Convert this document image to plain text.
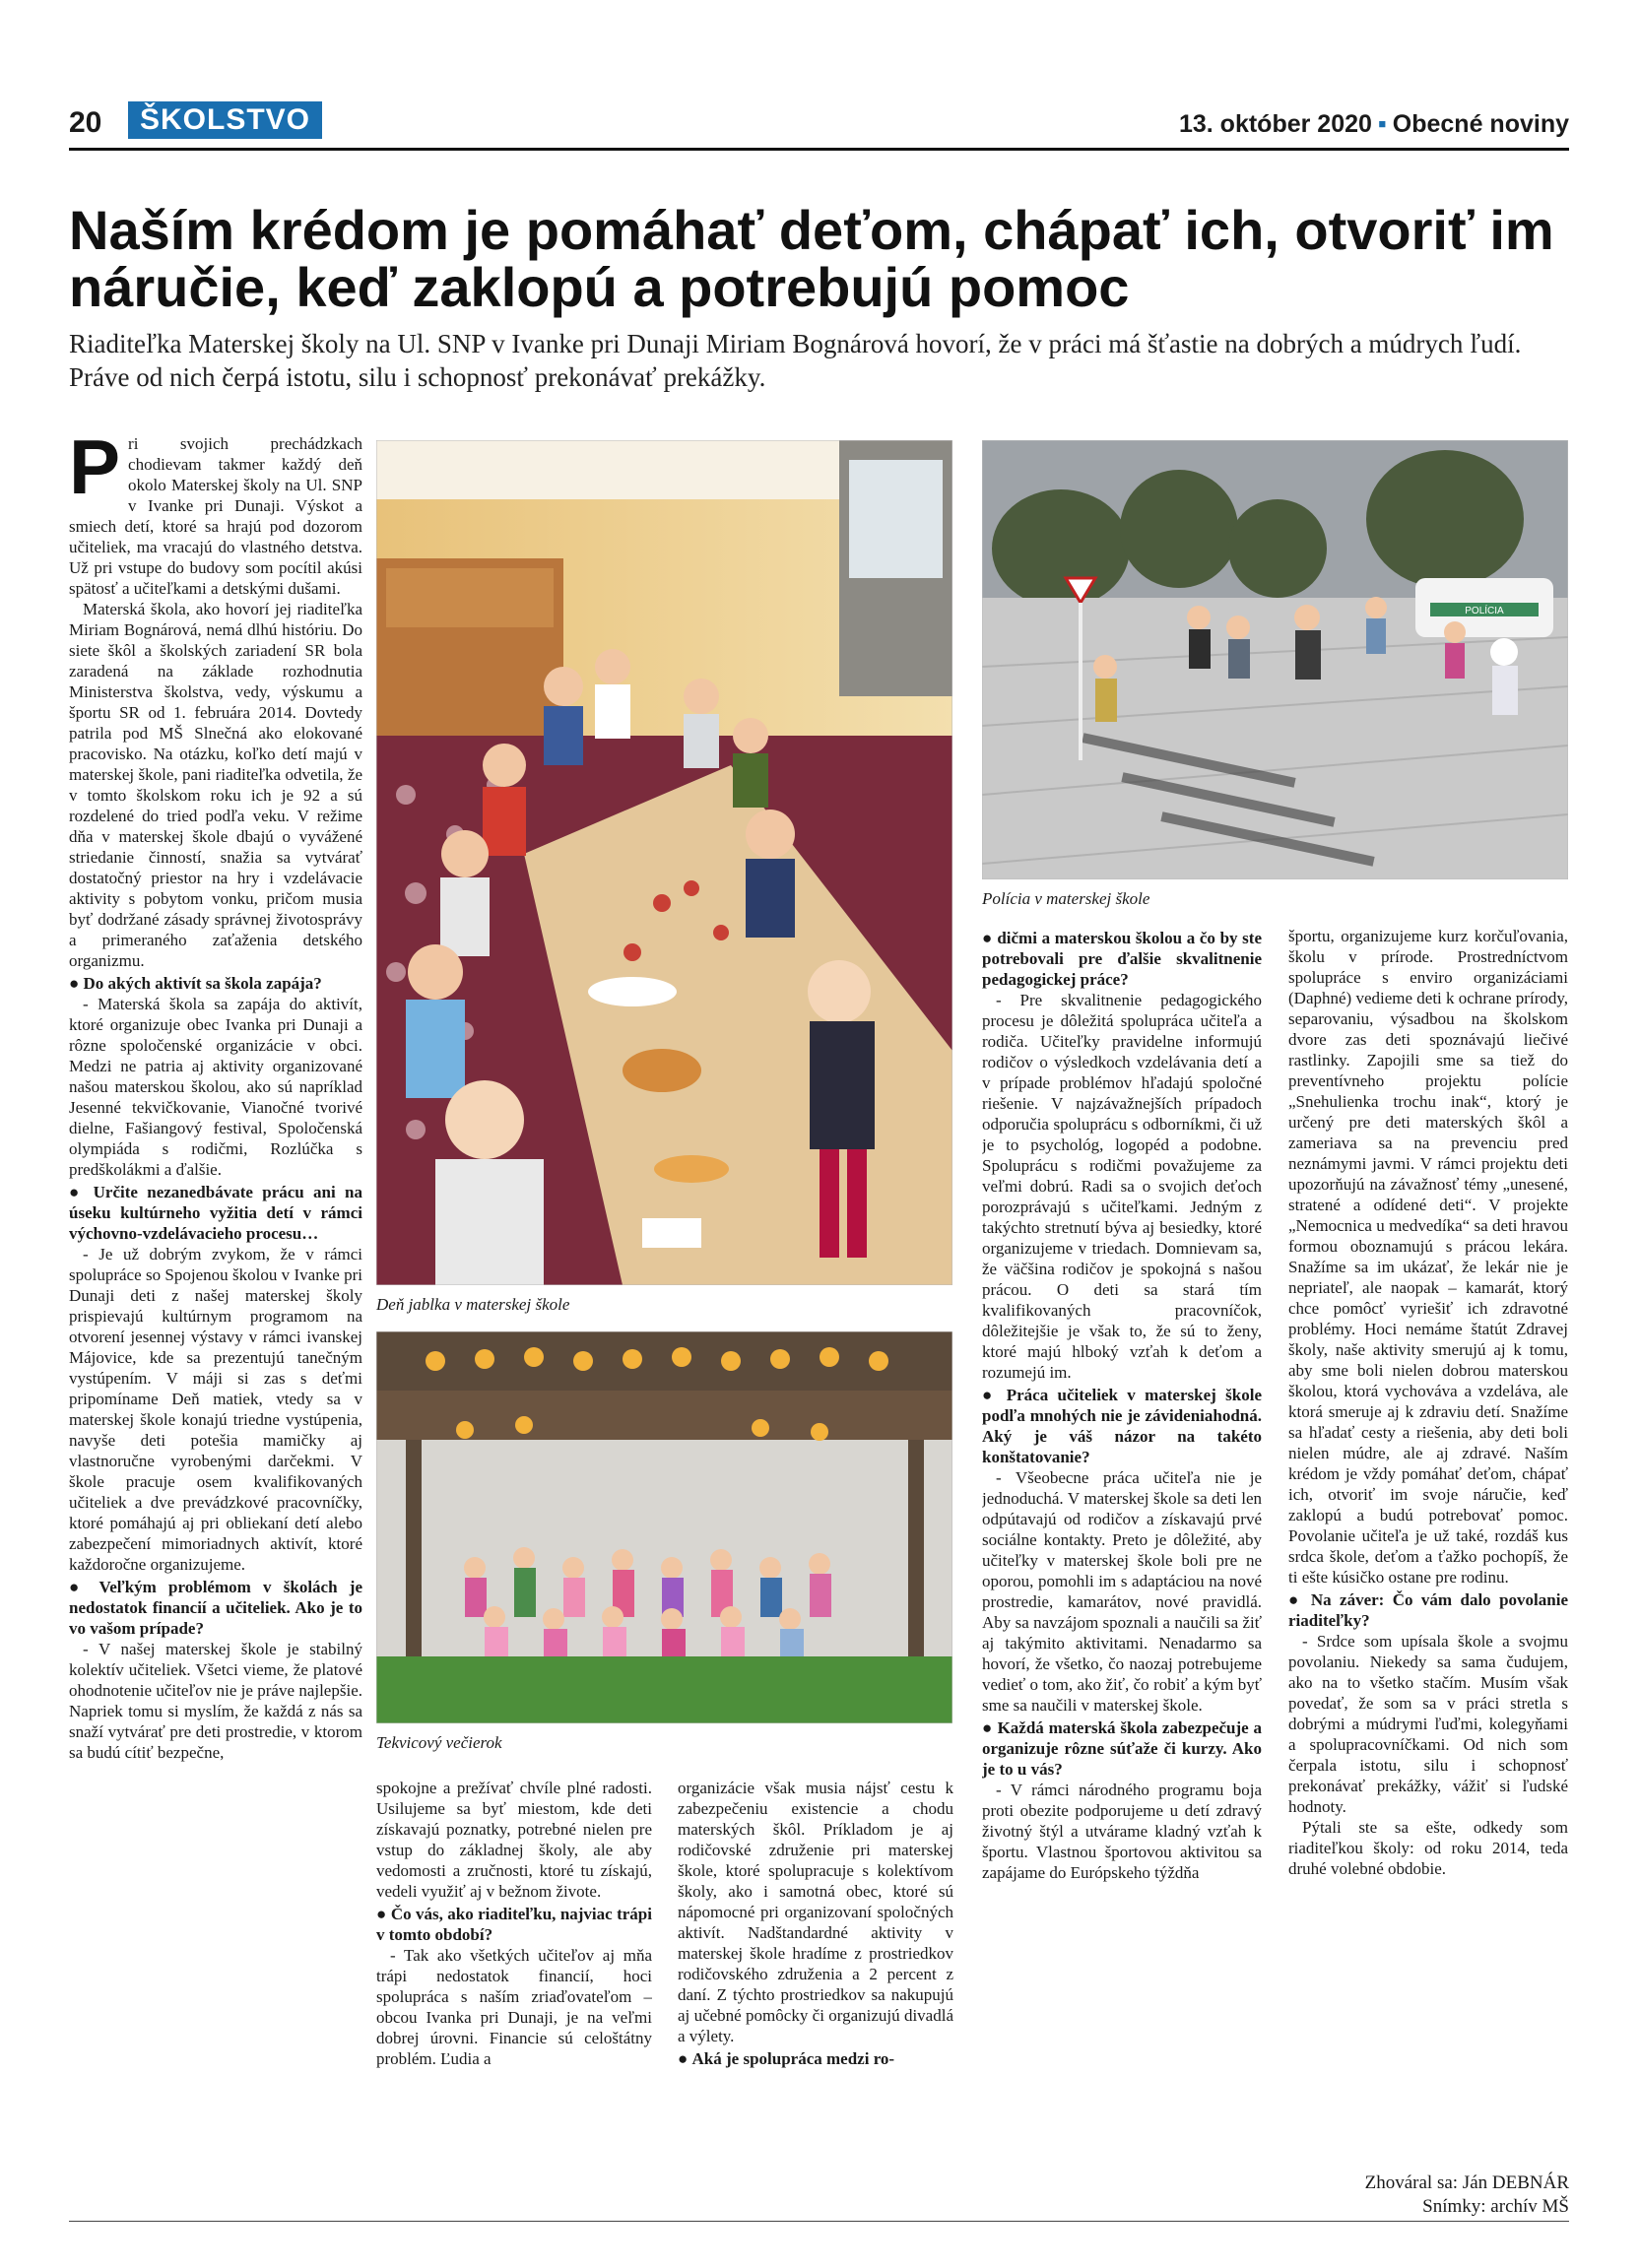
20	ŠKOLSTVO	13. október 2020 ▪ Obecné noviny
Naším krédom je pomáhať deťom, chápať ich, otvoriť im náručie, keď zaklopú a potrebujú pomoc
Riaditeľka Materskej školy na Ul. SNP v Ivanke pri Dunaji Miriam Bognárová hovorí, že v práci má šťastie na dobrých a múdrych ľudí. Práve od nich čerpá istotu, silu i schopnosť prekonávať prekážky.

Pri svojich prechádzkach chodievam takmer každý deň okolo Materskej školy na Ul. SNP v Ivanke pri Dunaji. Výskot a smiech detí, ktoré sa hrajú pod dozorom učiteliek, ma vracajú do vlastného detstva. Už pri vstupe do budovy som pocítil akúsi spätosť a učiteľkami a detskými dušami.

Materská škola, ako hovorí jej riaditeľka Miriam Bognárová, nemá dlhú históriu. Do siete škôl a školských zariadení SR bola zaradená na základe rozhodnutia Ministerstva školstva, vedy, výskumu a športu SR od 1. februára 2014. Dovtedy patrila pod MŠ Slnečná ako elokované pracovisko. Na otázku, koľko detí majú v materskej škole, pani riaditeľka odvetila, že v tomto školskom roku ich je 92 a sú rozdelené do tried podľa veku. V režime dňa v materskej škole dbajú o vyvážené striedanie činností, snažia sa vytvárať dostatočný priestor na hry i vzdelávacie aktivity s pobytom vonku, pričom musia byť dodržané zásady správnej životosprávy a primeraného zaťaženia detského organizmu.

● Do akých aktivít sa škola zapája?

- Materská škola sa zapája do aktivít, ktoré organizuje obec Ivanka pri Dunaji a rôzne spoločenské organizácie v obci. Medzi ne patria aj aktivity organizované našou materskou školou, ako sú napríklad Jesenné tekvičkovanie, Vianočné tvorivé dielne, Fašiangový festival, Spoločenská olympiáda s rodičmi, Rozlúčka s predškolákmi a ďalšie.

● Určite nezanedbávate prácu ani na úseku kultúrneho vyžitia detí v rámci výchovno-vzdelávacieho procesu…

- Je už dobrým zvykom, že v rámci spolupráce so Spojenou školou v Ivanke pri Dunaji deti z našej materskej školy prispievajú kultúrnym programom na otvorení jesennej výstavy v rámci ivanskej Májovice, kde sa prezentujú tanečným vystúpením. V máji si zas s deťmi pripomíname Deň matiek, vtedy sa v materskej škole konajú triedne vystúpenia, navyše deti potešia mamičky aj vlastnoručne vyrobenými darčekmi. V škole pracuje osem kvalifikovaných učiteliek a dve prevádzkové pracovníčky, ktoré pomáhajú aj pri obliekaní detí alebo zabezpečení mimoriadnych aktivít, ktoré každoročne organizujeme.

● Veľkým problémom v školách je nedostatok financií a učiteliek. Ako je to vo vašom prípade?

- V našej materskej škole je stabilný kolektív učiteliek. Všetci vieme, že platové ohodnotenie učiteľov nie je práve najlepšie. Napriek tomu si myslím, že každá z nás sa snaží vytvárať pre deti prostredie, v ktorom sa budú cítiť bezpečne,

Deň jablka v materskej škole
POLÍCIA
Polícia v materskej škole
Tekvicový večierok

spokojne a prežívať chvíle plné radosti. Usilujeme sa byť miestom, kde deti získavajú poznatky, potrebné nielen pre vstup do základnej školy, ale aby vedomosti a zručnosti, ktoré tu získajú, vedeli využiť aj v bežnom živote.

● Čo vás, ako riaditeľku, najviac trápi v tomto období?

- Tak ako všetkých učiteľov aj mňa trápi nedostatok financií, hoci spolupráca s naším zriaďovateľom – obcou Ivanka pri Dunaji, je na veľmi dobrej úrovni. Financie sú celoštátny problém. Ľudia a

organizácie však musia nájsť cestu k zabezpečeniu existencie a chodu materských škôl. Príkladom je aj rodičovské združenie pri materskej škole, ktoré spolupracuje s kolektívom školy, ako i samotná obec, ktoré sú nápomocné pri organizovaní spoločných aktivít. Nadštandardné aktivity v materskej škole hradíme z prostriedkov rodičovského združenia a 2 percent z daní. Z týchto prostriedkov sa nakupujú aj učebné pomôcky či organizujú divadlá a výlety.

● Aká je spolupráca medzi ro-

● dičmi a materskou školou a čo by ste potrebovali pre ďalšie skvalitnenie pedagogickej práce?

- Pre skvalitnenie pedagogického procesu je dôležitá spolupráca učiteľa a rodiča. Učiteľky pravidelne informujú rodičov o výsledkoch vzdelávania detí a v prípade problémov hľadajú spoločné riešenie. V najzávažnejších prípadoch odporučia spoluprácu s odborníkmi, či už je to psychológ, logopéd a podobne. Spoluprácu s rodičmi považujeme za veľmi dobrú. Radi sa o svojich deťoch porozprávajú s učiteľkami. Jedným z takýchto stretnutí býva aj besiedky, ktoré organizujeme v triedach. Domnievam sa, že väčšina rodičov je spokojná s našou prácou. O deti sa stará tím kvalifikovaných pracovníčok, dôležitejšie je však to, že sú to ženy, ktoré majú hlboký vzťah k deťom a rozumejú im.

● Práca učiteliek v materskej škole podľa mnohých nie je závideniahodná. Aký je váš názor na takéto konštatovanie?

- Všeobecne práca učiteľa nie je jednoduchá. V materskej škole sa deti len odpútavajú od rodičov a získavajú prvé sociálne kontakty. Preto je dôležité, aby učiteľky v materskej škole boli pre ne oporou, pomohli im s adaptáciou na nové prostredie, kamarátov, nové pravidlá. Aby sa navzájom spoznali a naučili sa žiť aj takýmito aktivitami. Nenadarmo sa hovorí, že všetko, čo naozaj potrebujeme vedieť o tom, ako žiť, čo robiť a kým byť sme sa naučili v materskej škole.

● Každá materská škola zabezpečuje a organizuje rôzne súťaže či kurzy. Ako je to u vás?

- V rámci národného programu boja proti obezite podporujeme u detí zdravý životný štýl a utvárame kladný vzťah k športu. Vlastnou športovou aktivitou sa zapájame do Európskeho týždňa

športu, organizujeme kurz korčuľovania, školu v prírode. Prostredníctvom spolupráce s enviro organizáciami (Daphné) vedieme deti k ochrane prírody, separovaniu, výsadbou na školskom dvore zas deti spoznávajú liečivé rastlinky. Zapojili sme sa tiež do preventívneho projektu polície „Snehulienka trochu inak“, ktorý je určený pre deti materských škôl a zameriava sa na prevenciu pred neznámymi javmi. V rámci projektu deti upozorňujú na závažnosť témy „unesené, stratené a odídené deti“. V projekte „Nemocnica u medvedíka“ sa deti hravou formou oboznamujú s prácou lekára. Snažíme sa im ukázať, že lekár nie je nepriateľ, ale naopak – kamarát, ktorý chce pomôcť vyriešiť ich zdravotné problémy. Hoci nemáme štatút Zdravej školy, naše aktivity smerujú aj k tomu, aby sme boli nielen dobrou materskou školou, ktorá vychováva a vzdeláva, ale ktorá smeruje aj k zdraviu detí. Snažíme sa hľadať cesty a riešenia, aby deti boli nielen múdre, ale aj zdravé. Naším krédom je vždy pomáhať deťom, chápať ich, otvoriť im svoje náručie, keď zaklopú a budú potrebovať pomoc. Povolanie učiteľa je už také, rozdáš kus srdca škole, deťom a ťažko pochopíš, že ti ešte kúsičko ostane pre rodinu.

● Na záver: Čo vám dalo povolanie riaditeľky?

- Srdce som upísala škole a svojmu povolaniu. Niekedy sa sama čudujem, ako na to všetko stačím. Musím však povedať, že som sa v práci stretla s dobrými a múdrymi ľuďmi, kolegyňami a spolupracovníčkami. Od nich som čerpala istotu, silu i schopnosť prekonávať prekážky, vážiť si ľudské hodnoty.

Pýtali ste sa ešte, odkedy som riaditeľkou školy: od roku 2014, teda druhé volebné obdobie.

Zhováral sa: Ján DEBNÁR
Snímky: archív MŠ
